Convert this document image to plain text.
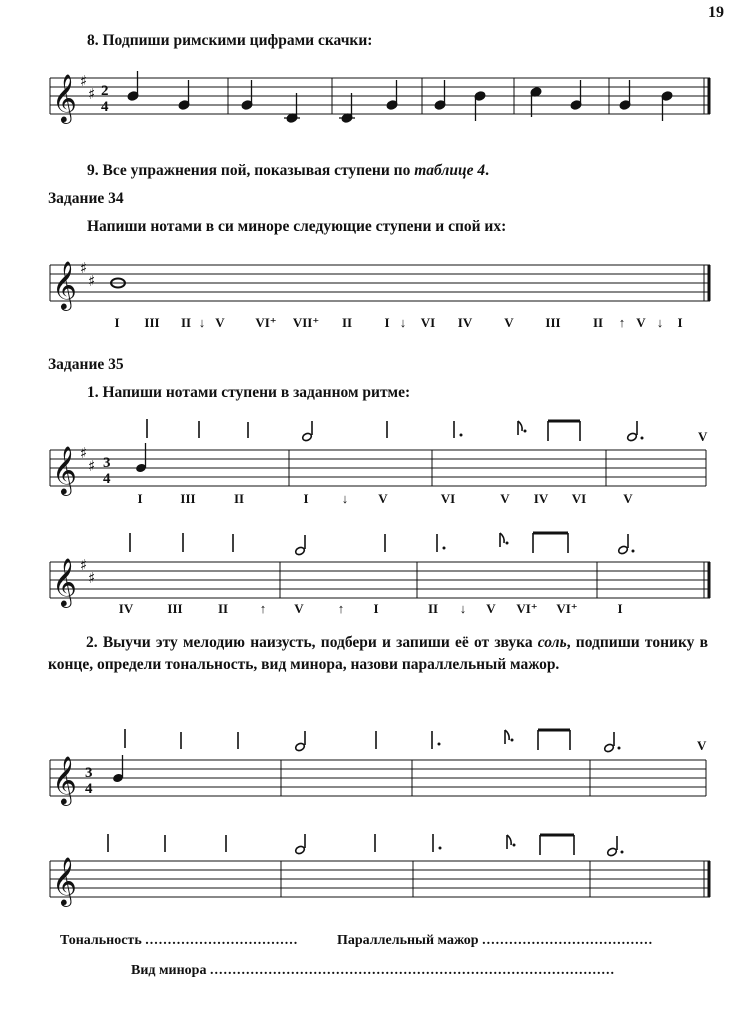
19
8. Подпиши римскими цифрами скачки:
𝄞 ♯
♯ 2
4
9. Все упражнения пой, показывая ступени по таблице 4.
Задание 34
Напиши нотами в си миноре следующие ступени и спой их:
𝄞 ♯
♯
I III II ↓ V VI⁺ VII⁺ II I ↓ VI IV V III II ↑ V ↓ I
Задание 35
1. Напиши нотами ступени в заданном ритме:
V
𝄞 ♯
♯ 3
4
I	III	II	I	↓ V	VI	V IV VI	V
𝄞 ♯
♯
IV	III	II ↑ V	↑ I	II ↓ V VI⁺ VI⁺	I
2. Выучи эту мелодию наизусть, подбери и запиши её от звука соль, подпиши тонику в конце, определи тональность, вид минора, назови параллельный мажор.
V
𝄞 3
4
𝄞
Тональность ..................................	Параллельный мажор ......................................
Вид минора ..........................................................................................
